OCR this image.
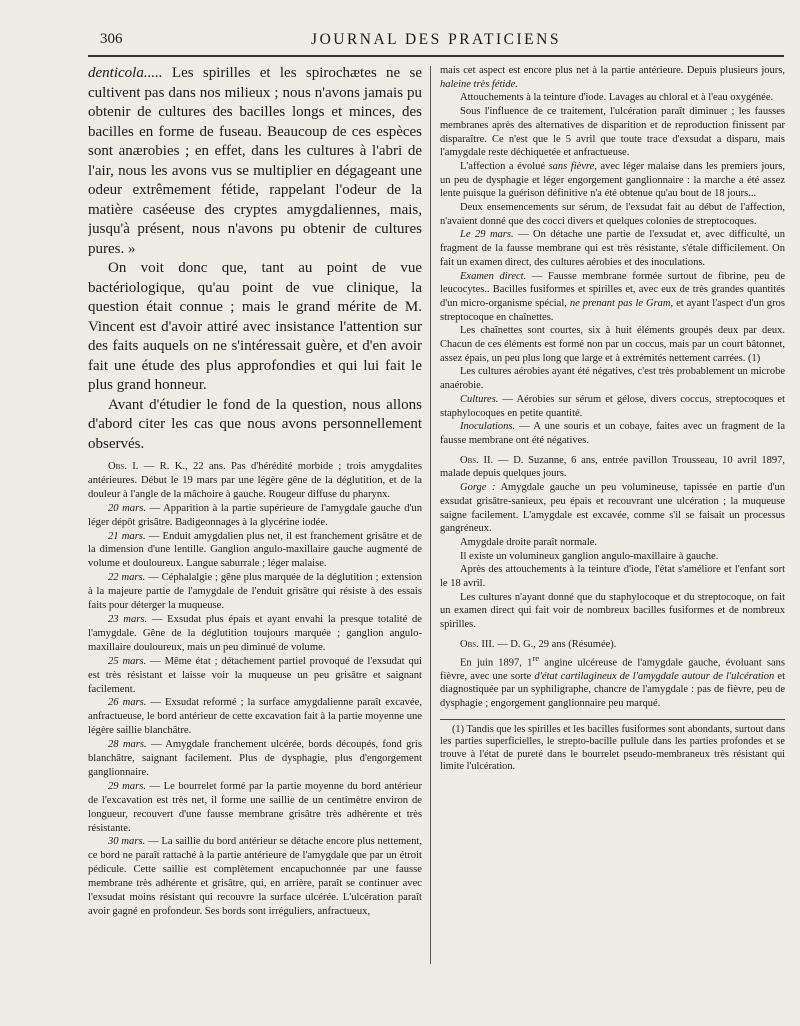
306	JOURNAL DES PRATICIENS

denticola..... Les spirilles et les spirochætes ne se cultivent pas dans nos milieux ; nous n'avons jamais pu obtenir de cultures des bacilles longs et minces, des bacilles en forme de fuseau. Beaucoup de ces espèces sont anærobies ; en effet, dans les cultures à l'abri de l'air, nous les avons vus se multiplier en dégageant une odeur extrêmement fétide, rappelant l'odeur de la matière caséeuse des cryptes amygdaliennes, mais, jusqu'à présent, nous n'avons pu obtenir de cultures pures. »

On voit donc que, tant au point de vue bactériologique, qu'au point de vue clinique, la question était connue ; mais le grand mérite de M. Vincent est d'avoir attiré avec insistance l'attention sur des faits auquels on ne s'intéressait guère, et d'en avoir fait une étude des plus approfondies et qui lui fait le plus grand honneur.

Avant d'étudier le fond de la question, nous allons d'abord citer les cas que nous avons personnellement observés.

Obs. I. — R. K., 22 ans. Pas d'hérédité morbide ; trois amygdalites antérieures. Début le 19 mars par une légère gêne de la déglutition, et de la douleur à l'angle de la mâchoire à gauche. Rougeur diffuse du pharynx.

20 mars. — Apparition à la partie supérieure de l'amygdale gauche d'un léger dépôt grisâtre. Badigeonnages à la glycérine iodée.

21 mars. — Enduit amygdalien plus net, il est franchement grisâtre et de la dimension d'une lentille. Ganglion angulo-maxillaire gauche augmenté de volume et douloureux. Langue saburrale ; léger malaise.

22 mars. — Céphalalgie ; gêne plus marquée de la déglutition ; extension à la majeure partie de l'amygdale de l'enduit grisâtre qui résiste à des essais faits pour déterger la muqueuse.

23 mars. — Exsudat plus épais et ayant envahi la presque totalité de l'amygdale. Gêne de la déglutition toujours marquée ; ganglion angulo-maxillaire douloureux, mais un peu diminué de volume.

25 mars. — Même état ; détachement partiel provoqué de l'exsudat qui est très résistant et laisse voir la muqueuse un peu grisâtre et saignant facilement.

26 mars. — Exsudat reformé ; la surface amygdalienne paraît excavée, anfractueuse, le bord antérieur de cette excavation fait à la partie moyenne une légère saillie blanchâtre.

28 mars. — Amygdale franchement ulcérée, bords découpés, fond gris blanchâtre, saignant facilement. Plus de dysphagie, plus d'engorgement ganglionnaire.

29 mars. — Le bourrelet formé par la partie moyenne du bord antérieur de l'excavation est très net, il forme une saillie de un centimètre environ de longueur, recouvert d'une fausse membrane grisâtre très adhérente et très résistante.

30 mars. — La saillie du bord antérieur se détache encore plus nettement, ce bord ne paraît rattaché à la partie antérieure de l'amygdale que par un étroit pédicule. Cette saillie est complètement encapuchonnée par une fausse membrane très adhérente et grisâtre, qui, en arrière, paraît se continuer avec l'exsudat moins résistant qui recouvre la surface ulcérée. L'ulcération paraît avoir gagné en profondeur. Ses bords sont irréguliers, anfractueux,

mais cet aspect est encore plus net à la partie antérieure. Depuis plusieurs jours, haleine très fétide.

Attouchements à la teinture d'iode. Lavages au chloral et à l'eau oxygénée.

Sous l'influence de ce traitement, l'ulcération paraît diminuer ; les fausses membranes après des alternatives de disparition et de reproduction finissent par disparaître. Ce n'est que le 5 avril que toute trace d'exsudat a disparu, mais l'amygdale reste déchiquetée et anfractueuse.

L'affection a évolué sans fièvre, avec léger malaise dans les premiers jours, un peu de dysphagie et léger engorgement ganglionnaire : la marche a été assez lente puisque la guérison définitive n'a été obtenue qu'au bout de 18 jours...

Deux ensemencements sur sérum, de l'exsudat fait au début de l'affection, n'avaient donné que des cocci divers et quelques colonies de streptocoques.

Le 29 mars. — On détache une partie de l'exsudat et, avec difficulté, un fragment de la fausse membrane qui est très résistante, s'étale difficilement. On fait un examen direct, des cultures aérobies et des inoculations.

Examen direct. — Fausse membrane formée surtout de fibrine, peu de leucocytes.. Bacilles fusiformes et spirilles et, avec eux de très grandes quantités d'un micro-organisme spécial, ne prenant pas le Gram, et ayant l'aspect d'un gros streptocoque en chaînettes.

Les chaînettes sont courtes, six à huit éléments groupés deux par deux. Chacun de ces éléments est formé non par un coccus, mais par un court bâtonnet, assez épais, un peu plus long que large et à extrémités nettement carrées. (1)

Les cultures aérobies ayant été négatives, c'est très probablement un microbe anaérobie.

Cultures. — Aérobies sur sérum et gélose, divers coccus, streptocoques et staphylocoques en petite quantité.

Inoculations. — A une souris et un cobaye, faites avec un fragment de la fausse membrane ont été négatives.

Obs. II. — D. Suzanne, 6 ans, entrée pavillon Trousseau, 10 avril 1897, malade depuis quelques jours.

Gorge : Amygdale gauche un peu volumineuse, tapissée en partie d'un exsudat grisâtre-sanieux, peu épais et recouvrant une ulcération ; la muqueuse saigne facilement. L'amygdale est excavée, comme s'il se faisait un processus gangréneux.

Amygdale droite paraît normale.

Il existe un volumineux ganglion angulo-maxillaire à gauche.

Après des attouchements à la teinture d'iode, l'état s'améliore et l'enfant sort le 18 avril.

Les cultures n'ayant donné que du staphylocoque et du streptocoque, on fait un examen direct qui fait voir de nombreux bacilles fusiformes et de nombreux spirilles.

Obs. III. — D. G., 29 ans (Résumée).

En juin 1897, 1re angine ulcéreuse de l'amygdale gauche, évoluant sans fièvre, avec une sorte d'état cartilagineux de l'amygdale autour de l'ulcération et diagnostiquée par un syphiligraphe, chancre de l'amygdale : pas de fièvre, peu de dysphagie ; engorgement ganglionnaire peu marqué.

(1) Tandis que les spirilles et les bacilles fusiformes sont abondants, surtout dans les parties superficielles, le strepto-bacille pullule dans les parties profondes et se trouve à l'état de pureté dans le bourrelet pseudo-membraneux très résistant qui limite l'ulcération.
